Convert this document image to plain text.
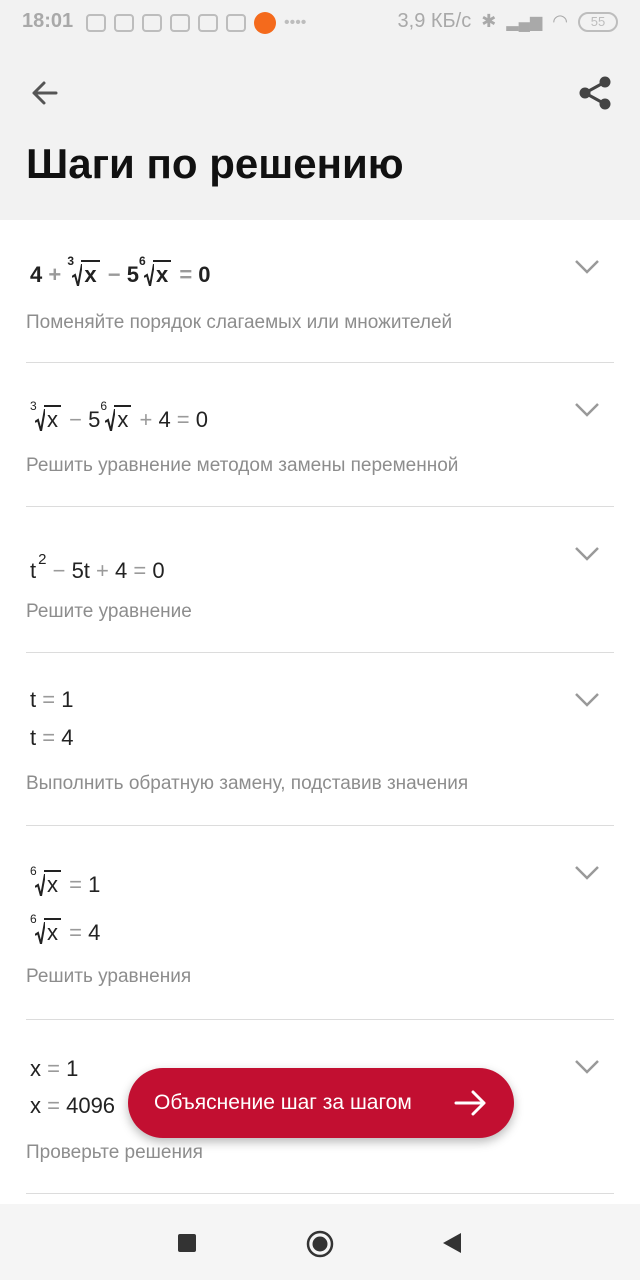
18:01	••••	3,9 КБ/с ✱ ▂▄▆ ◠	55
Шаги по решению
4 +
3
x − 5
6
x = 0
Поменяйте порядок слагаемых или множителей
3
x − 5
6
x + 4 = 0
Решить уравнение методом замены переменной
t $^2$ − 5t + 4 = 0
Решите уравнение
t = 1
t = 4
Выполнить обратную замену, подставив значения
6
x = 1
6
x = 4
Решить уравнения
x = 1
x = 4096
Проверьте решения
Объяснение шаг за шагом
